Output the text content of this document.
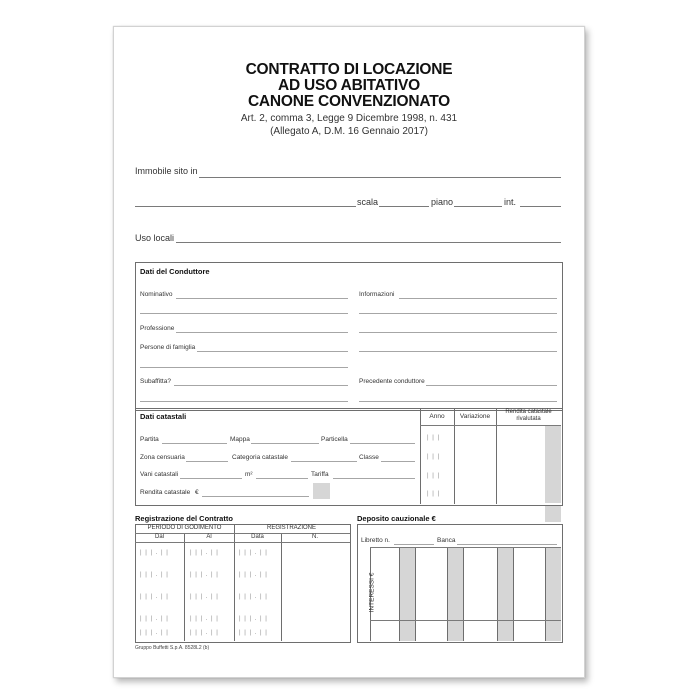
CONTRATTO DI LOCAZIONE
AD USO ABITATIVO
CANONE CONVENZIONATO
Art. 2, comma 3, Legge 9 Dicembre 1998, n. 431
(Allegato A, D.M. 16 Gennaio 2017)
Immobile sito in
scala	piano	int.
Uso locali
Dati del Conduttore
Nominativo	Informazioni
Professione
Persone di famiglia
Subaffitta?	Precedente conduttore
Dati catastali	Anno	Variazione
Rendita catastale
rivalutata
| | |
| | |
| | |
| | |
Partita	Mappa	Particella
Zona censuaria	Categoria catastale	Classe
Vani catastali	m²	Tariffa
Rendita catastale €
Registrazione del Contratto
PERIODO DI GODIMENTO	REGISTRAZIONE
Dal	Al	Data	N.
| | | . | |	| | | . | |	| | | . | |
| | | . | |	| | | . | |	| | | . | |
| | | . | |	| | | . | |	| | | . | |
| | | . | |	| | | . | |	| | | . | |
| | | . | |	| | | . | |	| | | . | |
Deposito cauzionale €
Libretto n.	Banca
INTERESSI €
Gruppo Buffetti S.p.A. 8528L2 (b)
